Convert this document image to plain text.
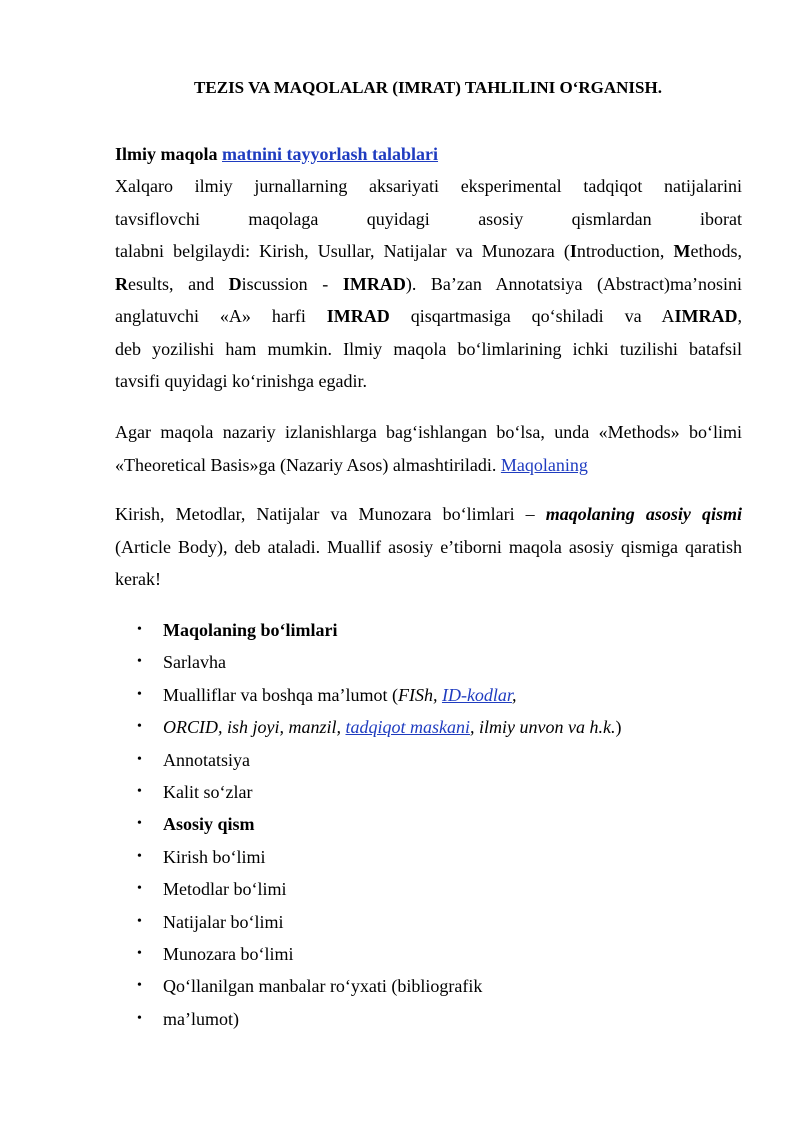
TEZIS VA MAQOLALAR (IMRAT) TAHLILINI O‘RGANISH.
Ilmiy maqola matnini tayyorlash talablari
Xalqaro ilmiy jurnallarning aksariyati eksperimental tadqiqot natijalarini
tavsiflovchi maqolaga quyidagi asosiy qismlardan iborat
talabni belgilaydi: Kirish, Usullar, Natijalar va Munozara (Introduction, Methods,
Results, and Discussion - IMRAD). Ba’zan Annotatsiya (Abstract)ma’nosini
anglatuvchi «A» harfi IMRAD qisqartmasiga qo‘shiladi va AIMRAD,
deb yozilishi ham mumkin. Ilmiy maqola bo‘limlarining ichki tuzilishi batafsil
tavsifi quyidagi ko‘rinishga egadir.
Agar maqola nazariy izlanishlarga bag‘ishlangan bo‘lsa, unda «Methods» bo‘limi
«Theoretical Basis»ga (Nazariy Asos) almashtiriladi. Maqolaning
Kirish, Metodlar, Natijalar va Munozara bo‘limlari – maqolaning asosiy qismi
(Article Body), deb ataladi. Muallif asosiy e’tiborni maqola asosiy qismiga qaratish
kerak!
• Maqolaning bo‘limlari
• Sarlavha
• Mualliflar va boshqa ma’lumot (FISh, ID-kodlar,
• ORCID, ish joyi, manzil, tadqiqot maskani, ilmiy unvon va h.k.)
• Annotatsiya
• Kalit so‘zlar
• Asosiy qism
• Kirish bo‘limi
• Metodlar bo‘limi
• Natijalar bo‘limi
• Munozara bo‘limi
• Qo‘llanilgan manbalar ro‘yxati (bibliografik
• ma’lumot)
